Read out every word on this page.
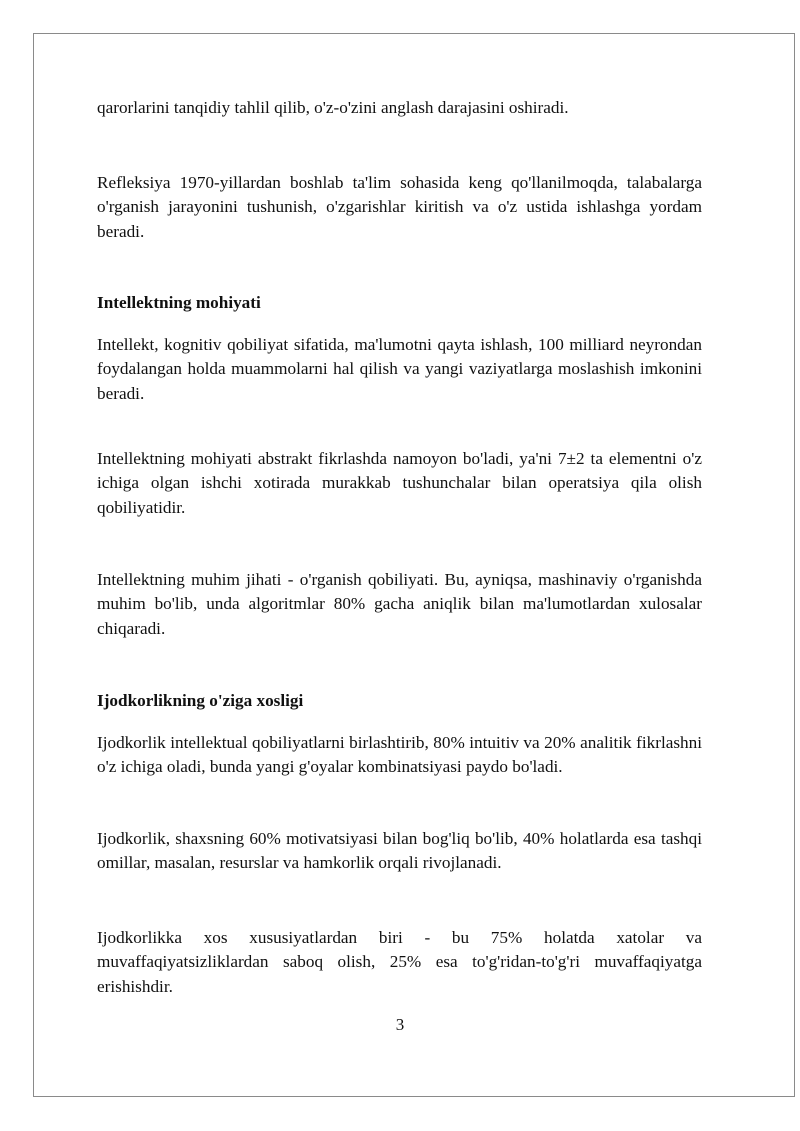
qarorlarini tanqidiy tahlil qilib, o'z-o'zini anglash darajasini oshiradi.

Refleksiya 1970-yillardan boshlab ta'lim sohasida keng qo'llanilmoqda, talabalarga o'rganish jarayonini tushunish, o'zgarishlar kiritish va o'z ustida ishlashga yordam beradi.

Intellektning mohiyati

Intellekt, kognitiv qobiliyat sifatida, ma'lumotni qayta ishlash, 100 milliard neyrondan foydalangan holda muammolarni hal qilish va yangi vaziyatlarga moslashish imkonini beradi.

Intellektning mohiyati abstrakt fikrlashda namoyon bo'ladi, ya'ni 7±2 ta elementni o'z ichiga olgan ishchi xotirada murakkab tushunchalar bilan operatsiya qila olish qobiliyatidir.

Intellektning muhim jihati - o'rganish qobiliyati. Bu, ayniqsa, mashinaviy o'rganishda muhim bo'lib, unda algoritmlar 80% gacha aniqlik bilan ma'lumotlardan xulosalar chiqaradi.

Ijodkorlikning o'ziga xosligi

Ijodkorlik intellektual qobiliyatlarni birlashtirib, 80% intuitiv va 20% analitik fikrlashni o'z ichiga oladi, bunda yangi g'oyalar kombinatsiyasi paydo bo'ladi.

Ijodkorlik, shaxsning 60% motivatsiyasi bilan bog'liq bo'lib, 40% holatlarda esa tashqi omillar, masalan, resurslar va hamkorlik orqali rivojlanadi.

Ijodkorlikka xos xususiyatlardan biri - bu 75% holatda xatolar va muvaffaqiyatsizliklardan saboq olish, 25% esa to'g'ridan-to'g'ri muvaffaqiyatga erishishdir.

3
